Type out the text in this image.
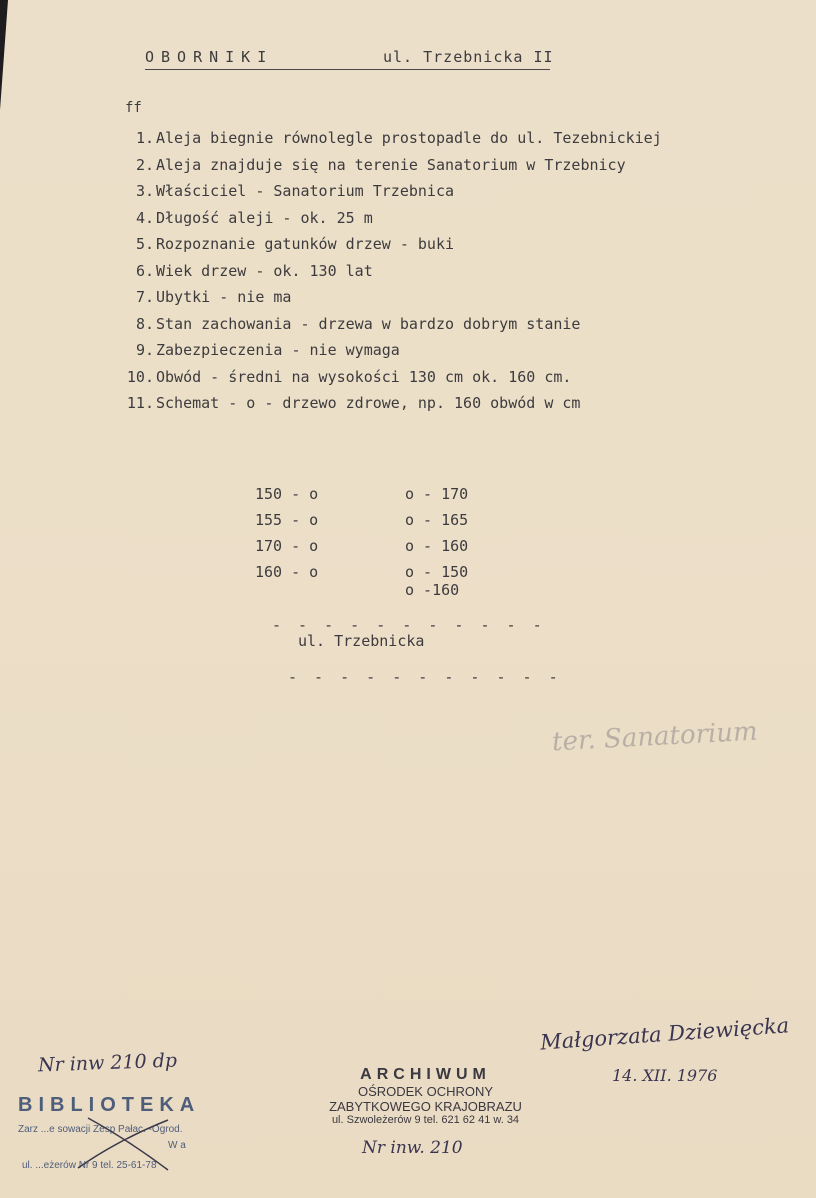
OBORNIKI	ul. Trzebnicka II
ff
1. Aleja biegnie równolegle prostopadle do ul. Tezebnickiej
2. Aleja znajduje się na terenie Sanatorium w Trzebnicy
3. Właściciel - Sanatorium Trzebnica
4. Długość aleji - ok. 25 m
5. Rozpoznanie gatunków drzew - buki
6. Wiek drzew - ok. 130 lat
7. Ubytki - nie ma
8. Stan zachowania - drzewa w bardzo dobrym stanie
9. Zabezpieczenia - nie wymaga
10. Obwód - średni na wysokości 130 cm ok. 160 cm.
11. Schemat - o - drzewo zdrowe, np. 160 obwód w cm
150 - o
155 - o
170 - o
160 - o
o - 170
o - 165
o - 160
o - 150
o -160
- - - - - - - - - - -
ul. Trzebnicka
- - - - - - - - - - -
ter. Sanatorium
Małgorzata Dziewięcka
14. XII. 1976
Nr inw 210 dp
Nr inw. 210
BIBLIOTEKA
Zarz ...e sowacji Zesp Pałac. -Ogrod.
W a
ul. ...eżerów Nr 9 tel. 25-61-78
ARCHIWUM
OŚRODEK OCHRONY
ZABYTKOWEGO KRAJOBRAZU
ul. Szwoleżerów 9 tel. 621 62 41 w. 34
